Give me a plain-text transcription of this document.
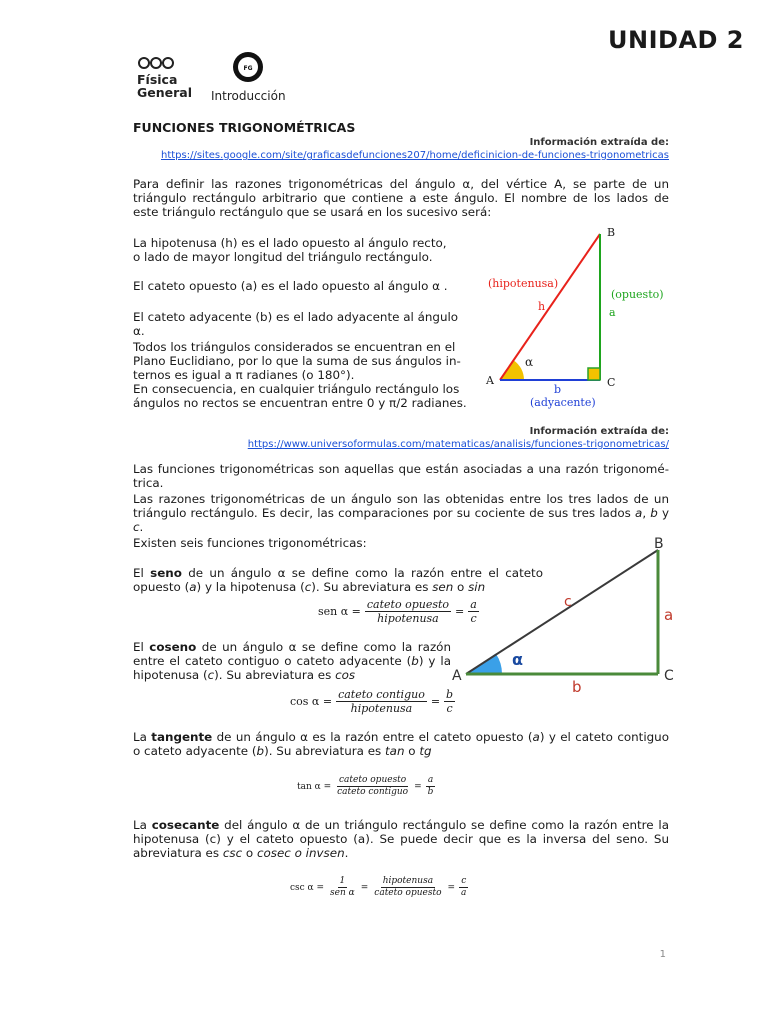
UNIDAD 2
Física
General
FG
Introducción
FUNCIONES TRIGONOMÉTRICAS
Información extraída de:
https://sites.google.com/site/graficasdefunciones207/home/deficinicion-de-funciones-trigonometricas
Para definir las razones trigonométricas del ángulo α, del vértice A, se parte de un triángulo rectángulo arbitrario que contiene a este ángulo. El nombre de los lados de este triángulo rectángulo que se usará en los sucesivo será:
La hipotenusa (h) es el lado opuesto al ángulo recto,
o lado de mayor longitud del triángulo rectángulo.
El cateto opuesto (a) es el lado opuesto al ángulo α .
El cateto adyacente (b) es el lado adyacente al ángulo α.
Todos los triángulos considerados se encuentran en el
Plano Euclidiano, por lo que la suma de sus ángulos in-
ternos es igual a π radianes (o 180°).
En consecuencia, en cualquier triángulo rectángulo los
ángulos no rectos se encuentran entre 0 y π/2 radianes.
A
B
C
(hipotenusa)
h
(opuesto)
a
α
b
(adyacente)
Información extraída de:
https://www.universoformulas.com/matematicas/analisis/funciones-trigonometricas/
Las funciones trigonométricas son aquellas que están asociadas a una razón trigonomé-trica.
Las razones trigonométricas de un ángulo son las obtenidas entre los tres lados de un triángulo rectángulo. Es decir, las comparaciones por su cociente de sus tres lados a, b y c.
Existen seis funciones trigonométricas:
El seno de un ángulo α se define como la razón entre el cateto opuesto (a) y la hipotenusa (c). Su abreviatura es sen o sin
sen $\alpha = \frac{\text{cateto opuesto}}{\text{hipotenusa}} = \frac{a}{c}$
A
B
C
c
a
b
α
El coseno de un ángulo α se define como la razón entre el cateto contiguo o cateto adyacente (b) y la hipotenusa (c). Su abreviatura es cos
$\cos \alpha = \frac{\text{cateto contiguo}}{\text{hipotenusa}} = \frac{b}{c}$
La tangente de un ángulo α es la razón entre el cateto opuesto (a) y el cateto contiguo o cateto adyacente (b). Su abreviatura es tan o tg
$\tan \alpha = \frac{\text{cateto opuesto}}{\text{cateto contiguo}} = \frac{a}{b}$
La cosecante del ángulo α de un triángulo rectángulo se define como la razón entre la hipotenusa (c) y el cateto opuesto (a). Se puede decir que es la inversa del seno. Su abreviatura es csc o cosec o invsen.
$\csc \alpha = \frac{1}{\text{sen α}} = \frac{\text{hipotenusa}}{\text{cateto opuesto}} = \frac{c}{a}$
1
